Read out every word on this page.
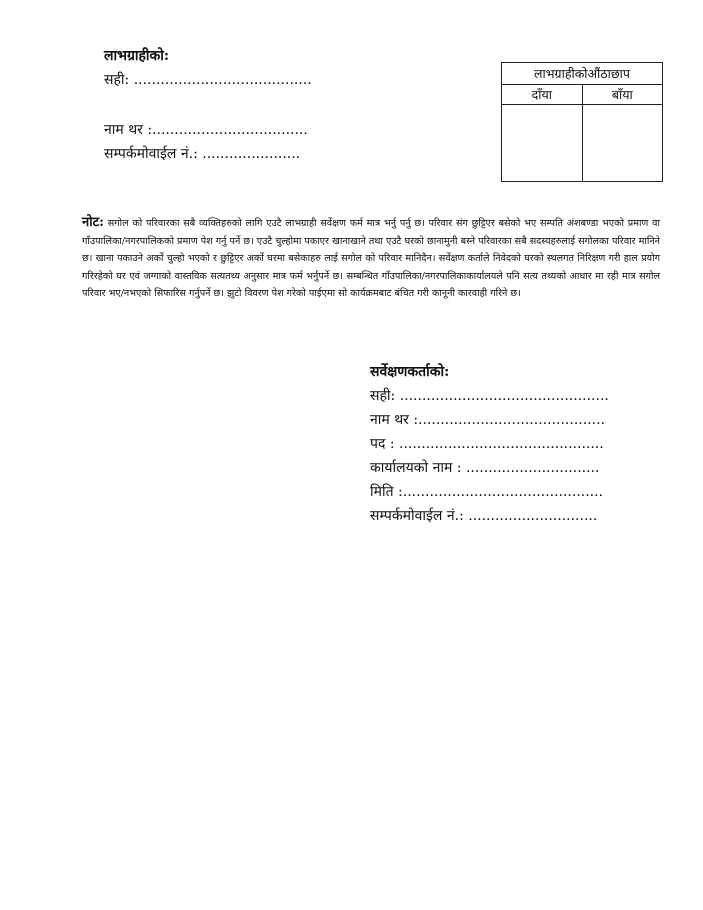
लाभग्राहीको:
सही: ........................................
नाम थर :...................................
सम्पर्कमोवाईल नं.: ......................
लाभग्राहीकोऔंठाछाप
दाँया	बाँया
नोट: सगोल को परिवारका सबै व्यक्तिहरुको लागि एउटै लाभग्राही सर्वेक्षण फर्म मात्र भर्नु पर्नु छ। परिवार संग छुट्टिएर बसेको भए सम्पति अंशबण्डा भएको प्रमाण वा गाँउपालिका/नगरपालिकको प्रमाण पेश गर्नु पर्ने छ। एउटै चुल्होमा पकाएर खानाखाने तथा एउटै घरको छानामुनी बस्ने परिवारका सबै सदस्यहरुलाई सगोलका परिवार मानिने छ। खाना पकाउने अर्को चुल्हो भएको र छुट्टिएर अर्को घरमा बसेकाहरु लाई सगोल को परिवार मानिदैन। सर्वेक्षण कर्ताले निवेदको घरको स्थलगत निरिक्षण गरी हाल प्रयोग गरिरहेको घर एवं जग्गाको वास्तविक सत्यतथ्य अनुसार मात्र फर्म भर्नुपर्ने छ। सम्बन्धित गाँउपालिका/नगरपालिकाकार्यालयले पनि सत्य तथ्यको आधार मा रही मात्र सगोल परिवार भए/नभएको सिफारिस गर्नुपर्ने छ। झुटो विवरण पेश गरेको पाईएमा सो कार्यक्रमबाट बंचित गरी कानूनी कारवाही गरिने छ।
सर्वेक्षणकर्ताको:
सही: ...............................................
नाम थर :..........................................
पद : ..............................................
कार्यालयको नाम : ..............................
मिति :.............................................
सम्पर्कमोवाईल नं.: .............................
